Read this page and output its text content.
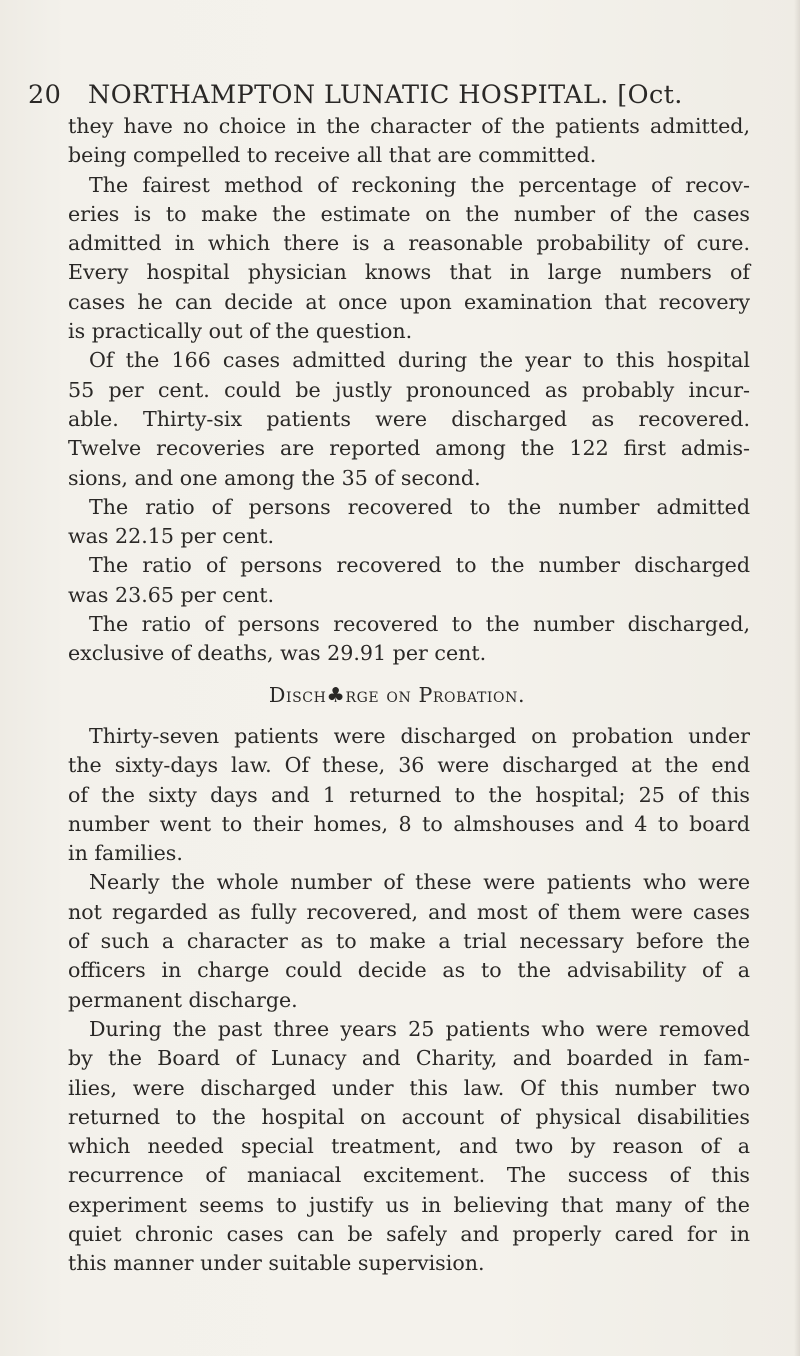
20 NORTHAMPTON LUNATIC HOSPITAL. [Oct.
they have no choice in the character of the patients admitted,
being compelled to receive all that are committed.
The fairest method of reckoning the percentage of recov-
eries is to make the estimate on the number of the cases
admitted in which there is a reasonable probability of cure.
Every hospital physician knows that in large numbers of
cases he can decide at once upon examination that recovery
is practically out of the question.
Of the 166 cases admitted during the year to this hospital
55 per cent. could be justly pronounced as probably incur-
able. Thirty-six patients were discharged as recovered.
Twelve recoveries are reported among the 122 first admis-
sions, and one among the 35 of second.
The ratio of persons recovered to the number admitted
was 22.15 per cent.
The ratio of persons recovered to the number discharged
was 23.65 per cent.
The ratio of persons recovered to the number discharged,
exclusive of deaths, was 29.91 per cent.
Disch♣rge on Probation.
Thirty-seven patients were discharged on probation under
the sixty-days law. Of these, 36 were discharged at the end
of the sixty days and 1 returned to the hospital; 25 of this
number went to their homes, 8 to almshouses and 4 to board
in families.
Nearly the whole number of these were patients who were
not regarded as fully recovered, and most of them were cases
of such a character as to make a trial necessary before the
officers in charge could decide as to the advisability of a
permanent discharge.
During the past three years 25 patients who were removed
by the Board of Lunacy and Charity, and boarded in fam-
ilies, were discharged under this law. Of this number two
returned to the hospital on account of physical disabilities
which needed special treatment, and two by reason of a
recurrence of maniacal excitement. The success of this
experiment seems to justify us in believing that many of the
quiet chronic cases can be safely and properly cared for in
this manner under suitable supervision.
